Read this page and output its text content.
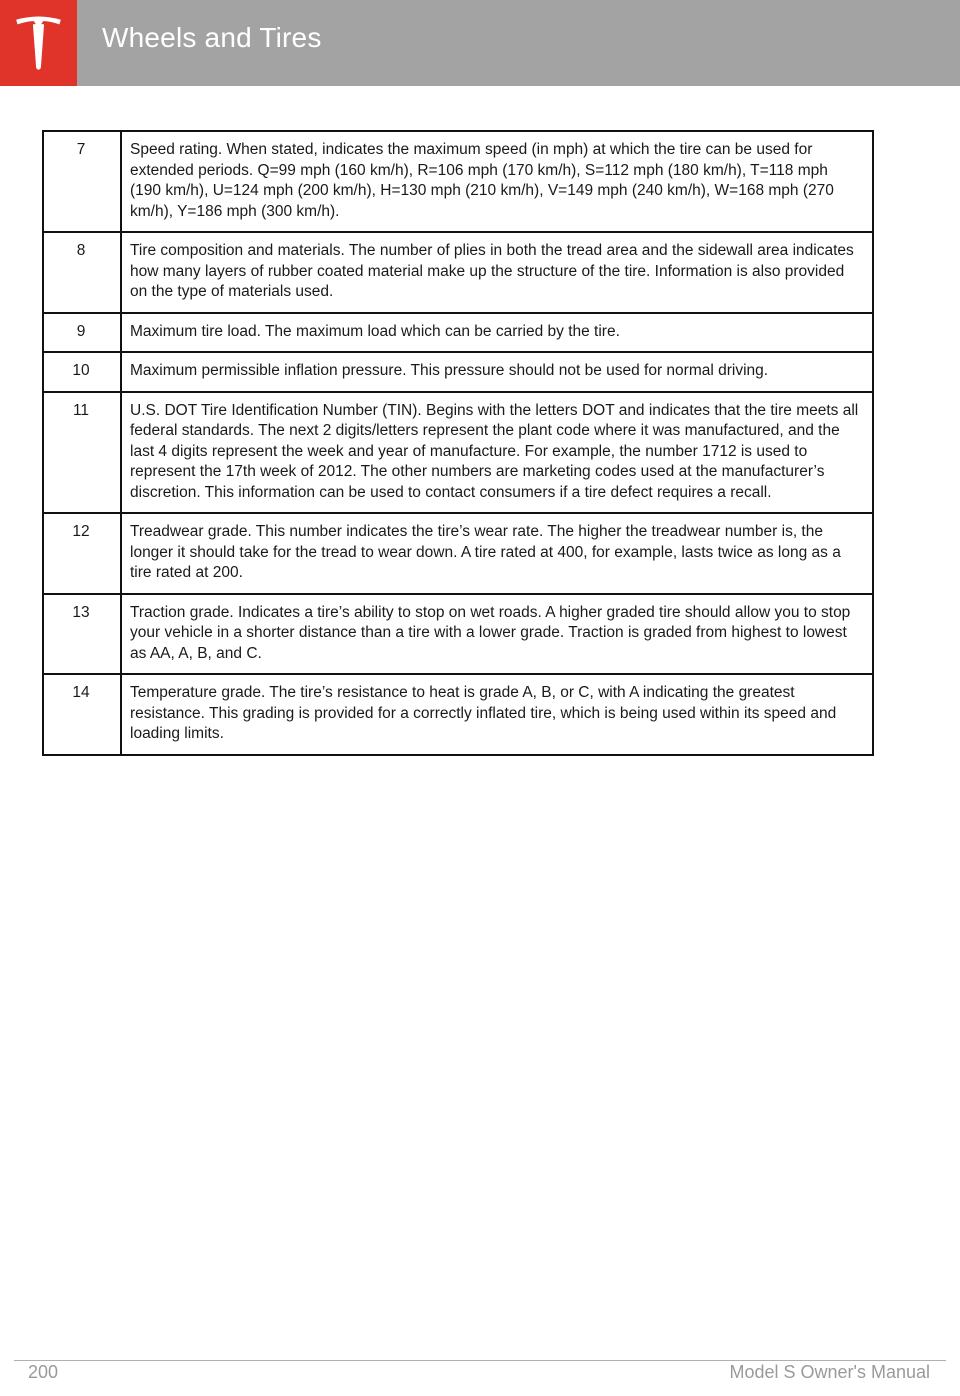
Wheels and Tires
7	Speed rating. When stated, indicates the maximum speed (in mph) at which the tire can be used for extended periods. Q=99 mph (160 km/h), R=106 mph (170 km/h), S=112 mph (180 km/h), T=118 mph (190 km/h), U=124 mph (200 km/h), H=130 mph (210 km/h), V=149 mph (240 km/h), W=168 mph (270 km/h), Y=186 mph (300 km/h).
8	Tire composition and materials. The number of plies in both the tread area and the sidewall area indicates how many layers of rubber coated material make up the structure of the tire. Information is also provided on the type of materials used.
9	Maximum tire load. The maximum load which can be carried by the tire.
10	Maximum permissible inflation pressure. This pressure should not be used for normal driving.
11	U.S. DOT Tire Identification Number (TIN). Begins with the letters DOT and indicates that the tire meets all federal standards. The next 2 digits/letters represent the plant code where it was manufactured, and the last 4 digits represent the week and year of manufacture. For example, the number 1712 is used to represent the 17th week of 2012. The other numbers are marketing codes used at the manufacturer’s discretion. This information can be used to contact consumers if a tire defect requires a recall.
12	Treadwear grade. This number indicates the tire’s wear rate. The higher the treadwear number is, the longer it should take for the tread to wear down. A tire rated at 400, for example, lasts twice as long as a tire rated at 200.
13	Traction grade. Indicates a tire’s ability to stop on wet roads. A higher graded tire should allow you to stop your vehicle in a shorter distance than a tire with a lower grade. Traction is graded from highest to lowest as AA, A, B, and C.
14	Temperature grade. The tire’s resistance to heat is grade A, B, or C, with A indicating the greatest resistance. This grading is provided for a correctly inflated tire, which is being used within its speed and loading limits.
200	Model S Owner's Manual
